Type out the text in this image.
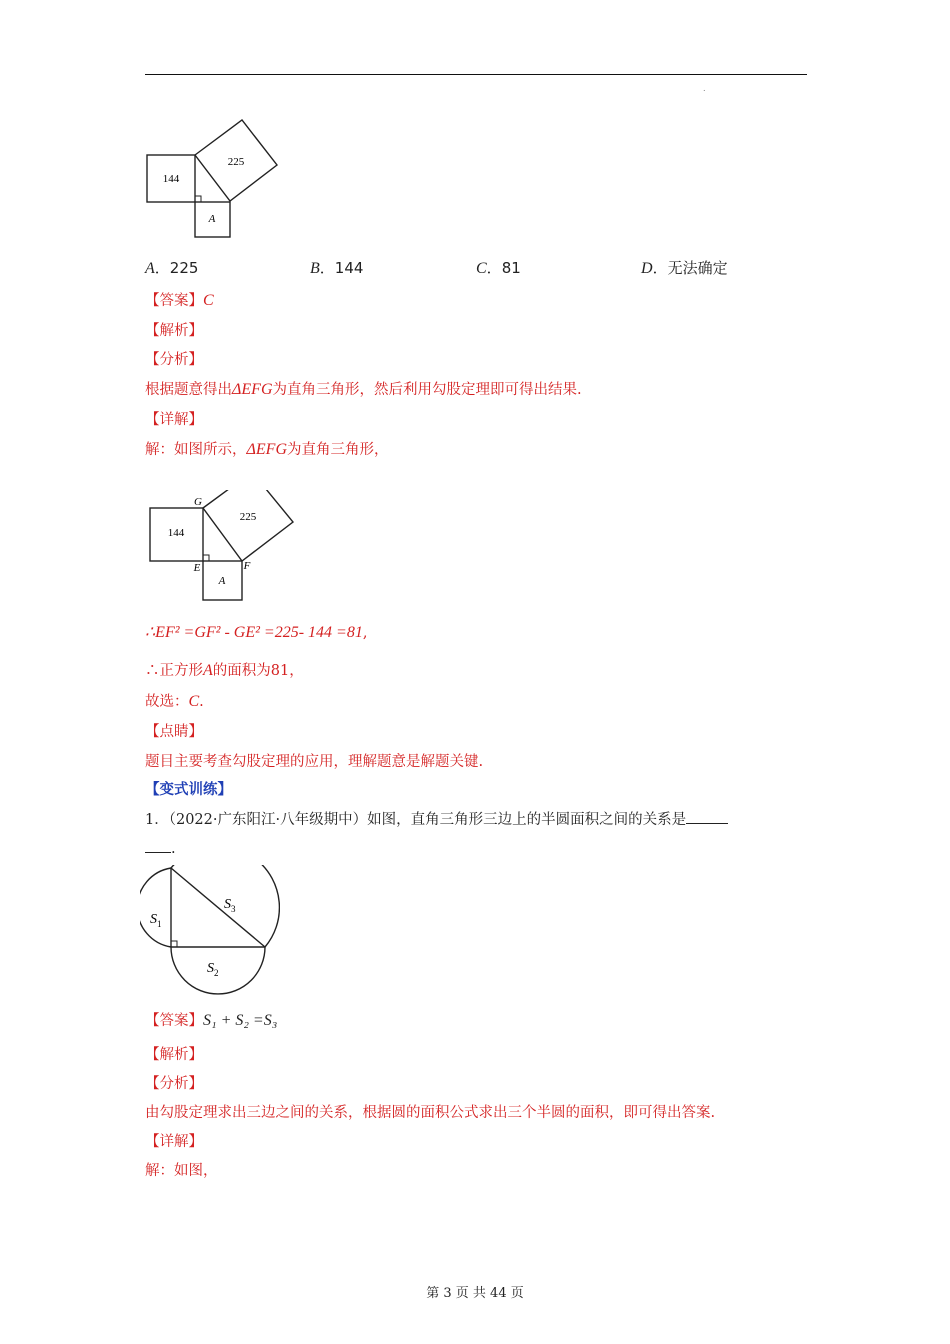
.
144
225
A
A．225	B．144	C．81	D．无法确定
【答案】C
【解析】
【分析】
根据题意得出ΔEFG为直角三角形，然后利用勾股定理即可得出结果.
【详解】
解：如图所示，ΔEFG为直角三角形，
G
144
225
E	F
A
∴EF² =GF² - GE² =225- 144 =81,
∴正方形A的面积为81，
故选：C.
【点睛】
题目主要考查勾股定理的应用，理解题意是解题关键.
【变式训练】
1．（2022·广东阳江·八年级期中）如图，直角三角形三边上的半圆面积之间的关系是
.
$S_1$
$S_3$
$S_2$
【答案】S₁ + S₂ =S₃
【解析】
【分析】
由勾股定理求出三边之间的关系，根据圆的面积公式求出三个半圆的面积，即可得出答案.
【详解】
解：如图，
第 3 页 共 44 页
